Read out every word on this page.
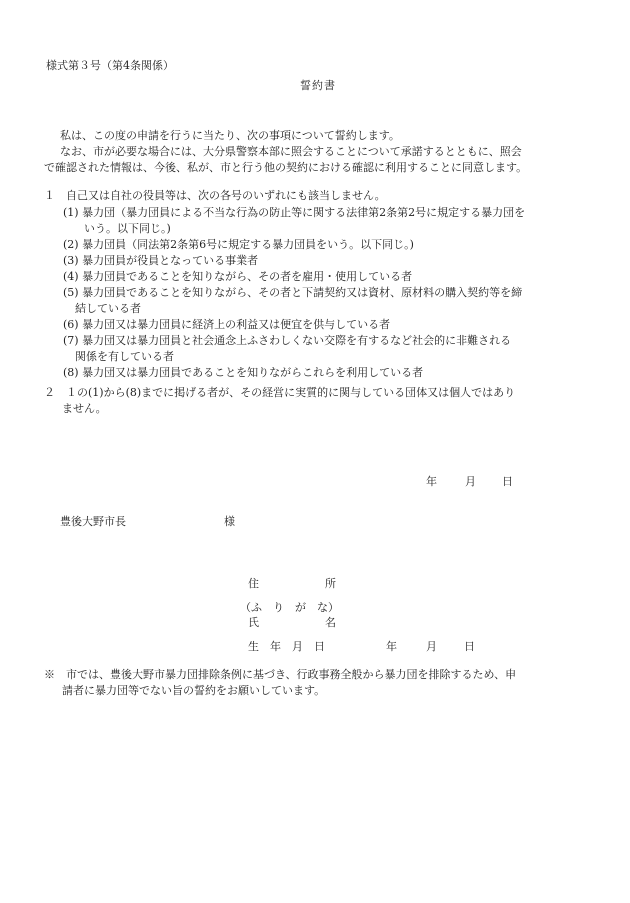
様式第３号（第4条関係）
誓約書
私は、この度の申請を行うに当たり、次の事項について誓約します。
なお、市が必要な場合には、大分県警察本部に照会することについて承諾するとともに、照会
で確認された情報は、今後、私が、市と行う他の契約における確認に利用することに同意します。
１　自己又は自社の役員等は、次の各号のいずれにも該当しません。
(1) 暴力団（暴力団員による不当な行為の防止等に関する法律第2条第2号に規定する暴力団を
いう。以下同じ。)
(2) 暴力団員（同法第2条第6号に規定する暴力団員をいう。以下同じ。)
(3) 暴力団員が役員となっている事業者
(4) 暴力団員であることを知りながら、その者を雇用・使用している者
(5) 暴力団員であることを知りながら、その者と下請契約又は資材、原材料の購入契約等を締
結している者
(6) 暴力団又は暴力団員に経済上の利益又は便宜を供与している者
(7) 暴力団又は暴力団員と社会通念上ふさわしくない交際を有するなど社会的に非難される
関係を有している者
(8) 暴力団又は暴力団員であることを知りながらこれらを利用している者
２　１の(1)から(8)までに掲げる者が、その経営に実質的に関与している団体又は個人ではあり
ません。
年	月 日
豊後大野市長	様
住	所
（ふ　り　が　な）
氏	名
生　年　月　日	年	月 日
※　市では、豊後大野市暴力団排除条例に基づき、行政事務全般から暴力団を排除するため、申
請者に暴力団等でない旨の誓約をお願いしています。
